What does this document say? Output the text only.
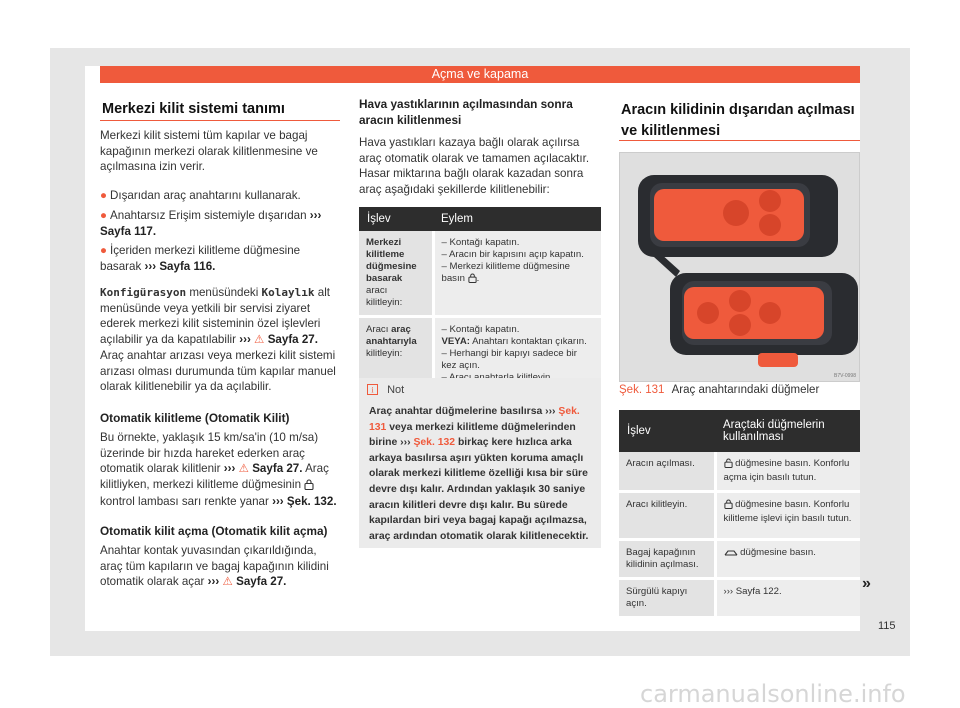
Açma ve kapama
Merkezi kilit sistemi tanımı
Merkezi kilit sistemi tüm kapılar ve bagaj kapağının merkezi olarak kilitlenmesine ve açılmasına izin verir.
● Dışarıdan araç anahtarını kullanarak.
● Anahtarsız Erişim sistemiyle dışarıdan ››› Sayfa 117.
● İçeriden merkezi kilitleme düğmesine basarak ››› Sayfa 116.
Konfigürasyon menüsündeki Kolaylık alt menüsünde veya yetkili bir servisi ziyaret ederek merkezi kilit sisteminin özel işlevleri açılabilir ya da kapatılabilir ››› ⚠ Sayfa 27.
Araç anahtar arızası veya merkezi kilit sistemi arızası olması durumunda tüm kapılar manuel olarak kilitlenebilir ya da açılabilir.
Otomatik kilitleme (Otomatik Kilit)
Bu örnekte, yaklaşık 15 km/sa'in (10 m/sa) üzerinde bir hızda hareket ederken araç otomatik olarak kilitlenir ››› ⚠ Sayfa 27. Araç kilitliyken, merkezi kilitleme düğmesinin  kontrol lambası sarı renkte yanar ››› Şek. 132.
Otomatik kilit açma (Otomatik kilit açma)
Anahtar kontak yuvasından çıkarıldığında, araç tüm kapıların ve bagaj kapağının kilidini otomatik olarak açar ››› ⚠ Sayfa 27.
Hava yastıklarının açılmasından sonra aracın kilitlenmesi
Hava yastıkları kazaya bağlı olarak açılırsa araç otomatik olarak ve tamamen açılacaktır. Hasar miktarına bağlı olarak kazadan sonra araç aşağıdaki şekillerde kilitlenebilir:
İşlev	Eylem
Merkezi kilitleme düğmesine basarak aracı kilitleyin:	– Kontağı kapatın.
– Aracın bir kapısını açıp kapatın.
– Merkezi kilitleme düğmesine basın .

Aracı araç anahtarıyla kilitleyin:	– Kontağı kapatın.
VEYA: Anahtarı kontaktan çıkarın.
– Herhangi bir kapıyı sadece bir kez açın.
i Not
Araç anahtar düğmelerine basılırsa ››› Şek. 131 veya merkezi kilitleme düğmelerinden birine ››› Şek. 132 birkaç kere hızlıca arka arkaya basılırsa aşırı yükten koruma amaçlı olarak merkezi kilitleme özelliği kısa bir süre devre dışı kalır. Ardından yaklaşık 30 saniye aracın kilitleri devre dışı kalır. Bu sürede kapılardan biri veya bagaj kapağı açılmazsa, araç ardından otomatik olarak kilitlenecektir.
Aracın kilidinin dışarıdan açılması ve kilitlenmesi
B7V-0998
Şek. 131 Araç anahtarındaki düğmeler
İşlev	Araçtaki düğmelerin kullanılması
Aracın açılması.	düğmesine basın. Konforlu açma için basılı tutun.
Aracı kilitleyin.	düğmesine basın. Konforlu kilitleme işlevi için basılı tutun.
Bagaj kapağının kilidinin açılması.	düğmesine basın.
Sürgülü kapıyı açın.	››› Sayfa 122.	»
115
carmanualsonline.info
